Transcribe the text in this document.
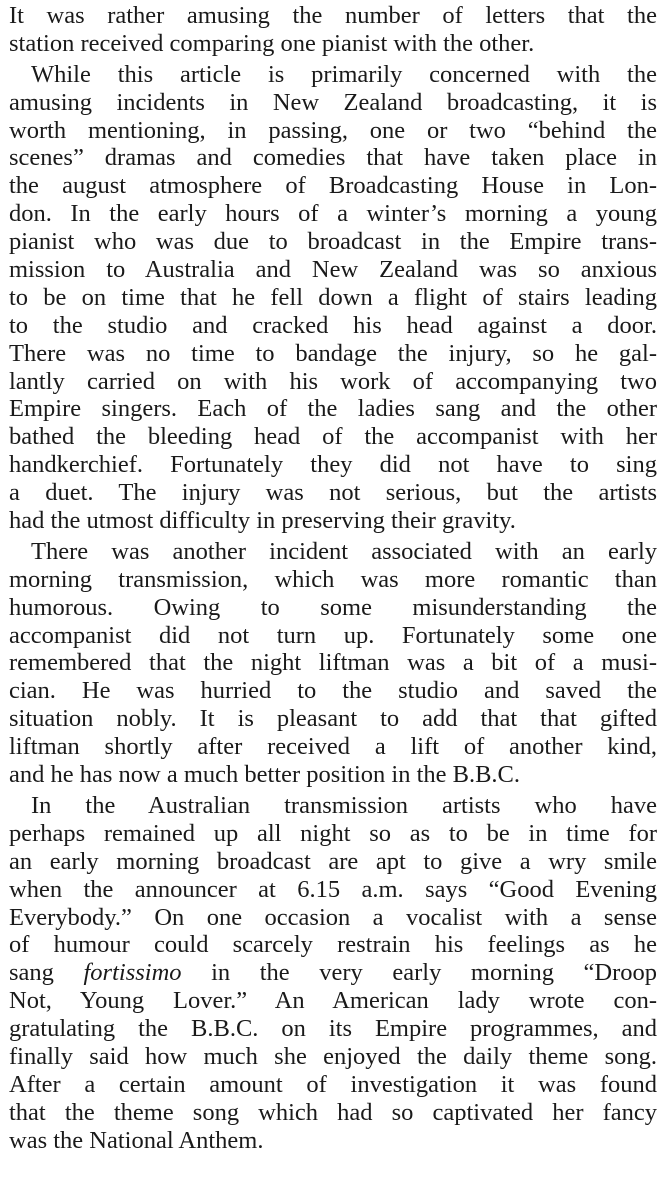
It was rather amusing the number of letters that the
station received comparing one pianist with the other.
While this article is primarily concerned with the
amusing incidents in New Zealand broadcasting, it is
worth mentioning, in passing, one or two “behind the
scenes” dramas and comedies that have taken place in
the august atmosphere of Broadcasting House in Lon-
don. In the early hours of a winter’s morning a young
pianist who was due to broadcast in the Empire trans-
mission to Australia and New Zealand was so anxious
to be on time that he fell down a flight of stairs leading
to the studio and cracked his head against a door.
There was no time to bandage the injury, so he gal-
lantly carried on with his work of accompanying two
Empire singers. Each of the ladies sang and the other
bathed the bleeding head of the accompanist with her
handkerchief. Fortunately they did not have to sing
a duet. The injury was not serious, but the artists
had the utmost difficulty in preserving their gravity.
There was another incident associated with an early
morning transmission, which was more romantic than
humorous. Owing to some misunderstanding the
accompanist did not turn up. Fortunately some one
remembered that the night liftman was a bit of a musi-
cian. He was hurried to the studio and saved the
situation nobly. It is pleasant to add that that gifted
liftman shortly after received a lift of another kind,
and he has now a much better position in the B.B.C.
In the Australian transmission artists who have
perhaps remained up all night so as to be in time for
an early morning broadcast are apt to give a wry smile
when the announcer at 6.15 a.m. says “Good Evening
Everybody.” On one occasion a vocalist with a sense
of humour could scarcely restrain his feelings as he
sang fortissimo in the very early morning “Droop
Not, Young Lover.” An American lady wrote con-
gratulating the B.B.C. on its Empire programmes, and
finally said how much she enjoyed the daily theme song.
After a certain amount of investigation it was found
that the theme song which had so captivated her fancy
was the National Anthem.
